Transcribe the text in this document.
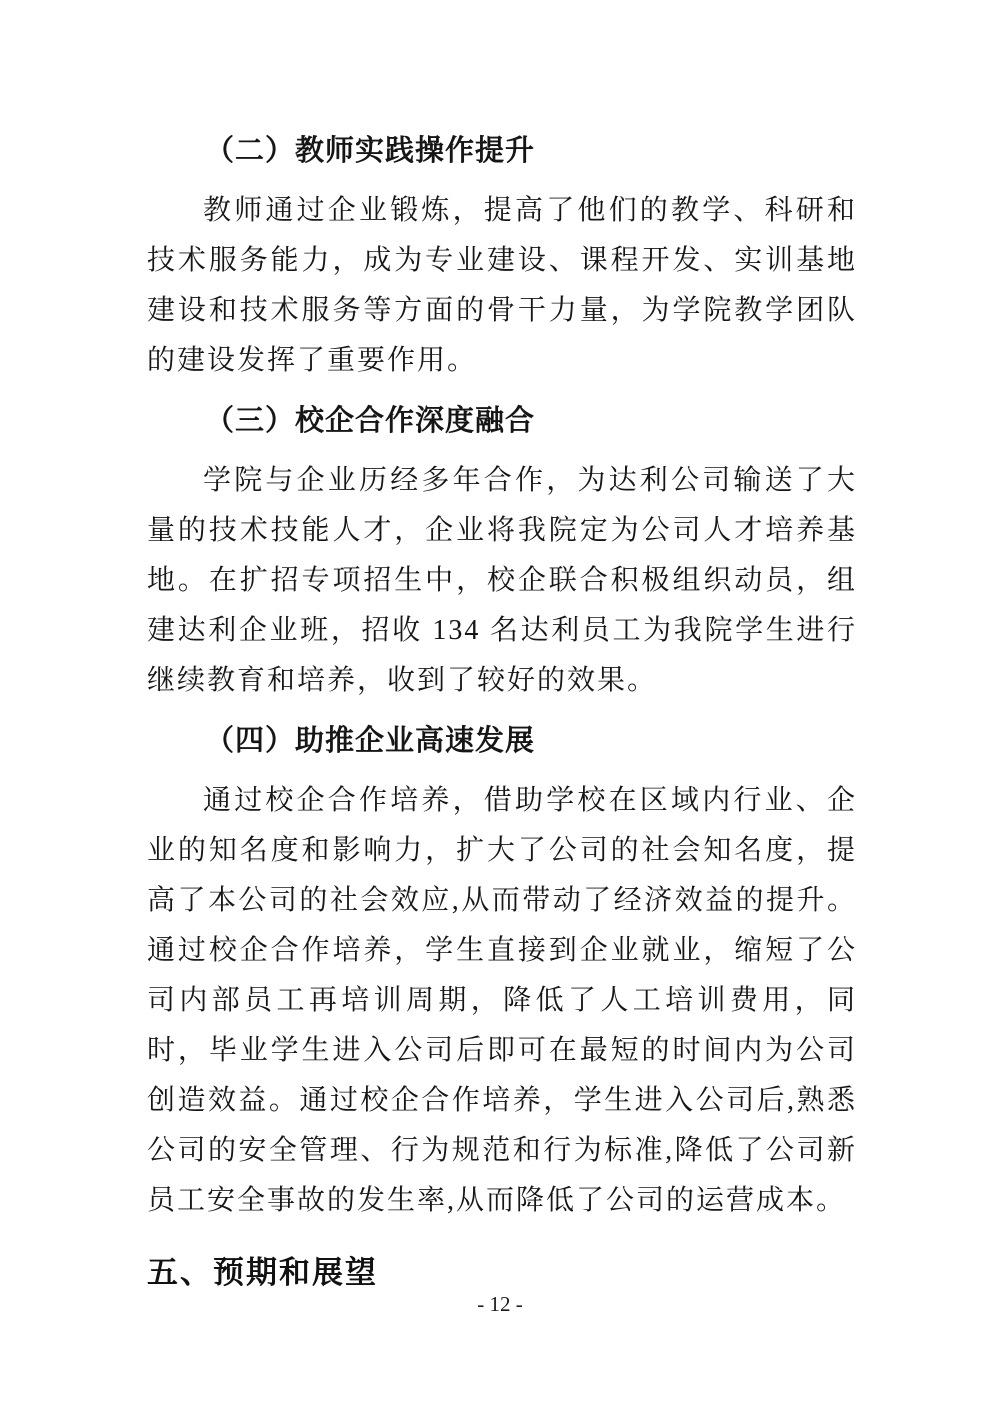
（二）教师实践操作提升

教师通过企业锻炼，提高了他们的教学、科研和技术服务能力，成为专业建设、课程开发、实训基地建设和技术服务等方面的骨干力量，为学院教学团队的建设发挥了重要作用。

（三）校企合作深度融合

学院与企业历经多年合作，为达利公司输送了大量的技术技能人才，企业将我院定为公司人才培养基地。在扩招专项招生中，校企联合积极组织动员，组建达利企业班，招收 134 名达利员工为我院学生进行继续教育和培养，收到了较好的效果。

（四）助推企业高速发展

通过校企合作培养，借助学校在区域内行业、企业的知名度和影响力，扩大了公司的社会知名度，提高了本公司的社会效应,从而带动了经济效益的提升。通过校企合作培养，学生直接到企业就业，缩短了公司内部员工再培训周期，降低了人工培训费用，同时，毕业学生进入公司后即可在最短的时间内为公司创造效益。通过校企合作培养，学生进入公司后,熟悉公司的安全管理、行为规范和行为标准,降低了公司新员工安全事故的发生率,从而降低了公司的运营成本。

五、预期和展望
- 12 -
